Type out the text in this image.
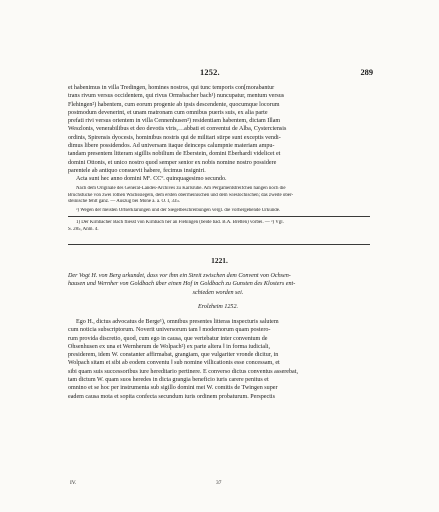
1252.	289
et habenimus in villa Tredingen, homines nostros, qui tunc temporis con[morabantur
trans rivum versus occidentem, qui rivus Ormsbacher bach¹) nuncupatur, mentum versus
Flehingen²) habentem, cum eorum progenie ab ipsis descendente, quocumque locorum
postmodum devenerint, et unam matronam cum omnibus pueris suis, ex alia parte
prefati rivi versus orientem in villa Cennenhusen²) residentiam habentem, dictam Illam
Weszlonis, venerabilibus et deo devotis viris,…abbati et conventui de Alba, Cysterciensis
ordinis, Spirensis dyocesis, hominibus nostris qui de militari stirpe sunt exceptis vendi-
dimus libere possidendos. Ad universam itaque deinceps calumpnie materiam ampu-
tandam presentem litteram sigillis nobilium de Eberstein, domini Eberhardi videlicet et
domini Ottonis, et unico nostro quod semper senior ex nobis nomine nostro possidere
parentele ab antiquo consuevit habere, fecimus insigniri.
Acta sunt hec anno domini Mº. CCº. quinquagesimo secundo.
Nach dem Originale des General-Landes-Archives zu Karlsruhe. Am Pergamentstreifchen hängen noch die
Bruchstücke von zwei rothen Wachssiegeln, dem ersten oberrheinischen und dem wieslochischen; das zweite ober-
steinische fehlt ganz. — Auszug bei Mone a. a. O. I, 335.
²) Wegen der meisten Ortserklärungen und der Siegelbeschreibungen vergl. die vorhergehende Urkunde.
1) Der Kirnbacher Bach fliesst von Kirnbach her an Flehingen (beide bad. B.A. Bretten) vorbei. — ²) Vgl.
S. 285, Anm. 4.
1221.
Der Vogt H. von Berg urkundet, dass vor ihm ein Streit zwischen dem Convent von Ochsen-
hausen und Wernher von Goldbach über einen Hof in Goldbach zu Gunsten des Klosters ent-
schieden worden sei.
Erolzheim 1252.
Ego H., dictus advocatus de Berge¹), omnibus presentes litteras inspecturis salutem
cum noticia subscriptorum. Noverit universorum tam ‖ modernorum quam postero-
rum provida discretio, quod, cum ego in causa, que vertebatur inter conventum de
Ohsenhusen ex una et Wernherum de Wolpach²) ex parte altera ‖ in forma iudiciali,
presiderem, idem W. constanter affirmabat, grangiam, que vulgariter vronde dicitur, in
Wolpach sitam et sibi ab eodem conventu ‖ sub nomine villicationis esse concessam, et
sibi quam suis successoribus iure hereditario pertinere. E converso dictus conventus asserebat,
tam dictum W. quam suos heredes in dicta grangia beneficio iuris carere penitus et
omnino et se hoc per instrumenta sub sigillo domini mei W. comitis de Twingen super
eadem causa mota et sopita confecta secundum iuris ordinem probaturum. Perspectis
IV.	37
